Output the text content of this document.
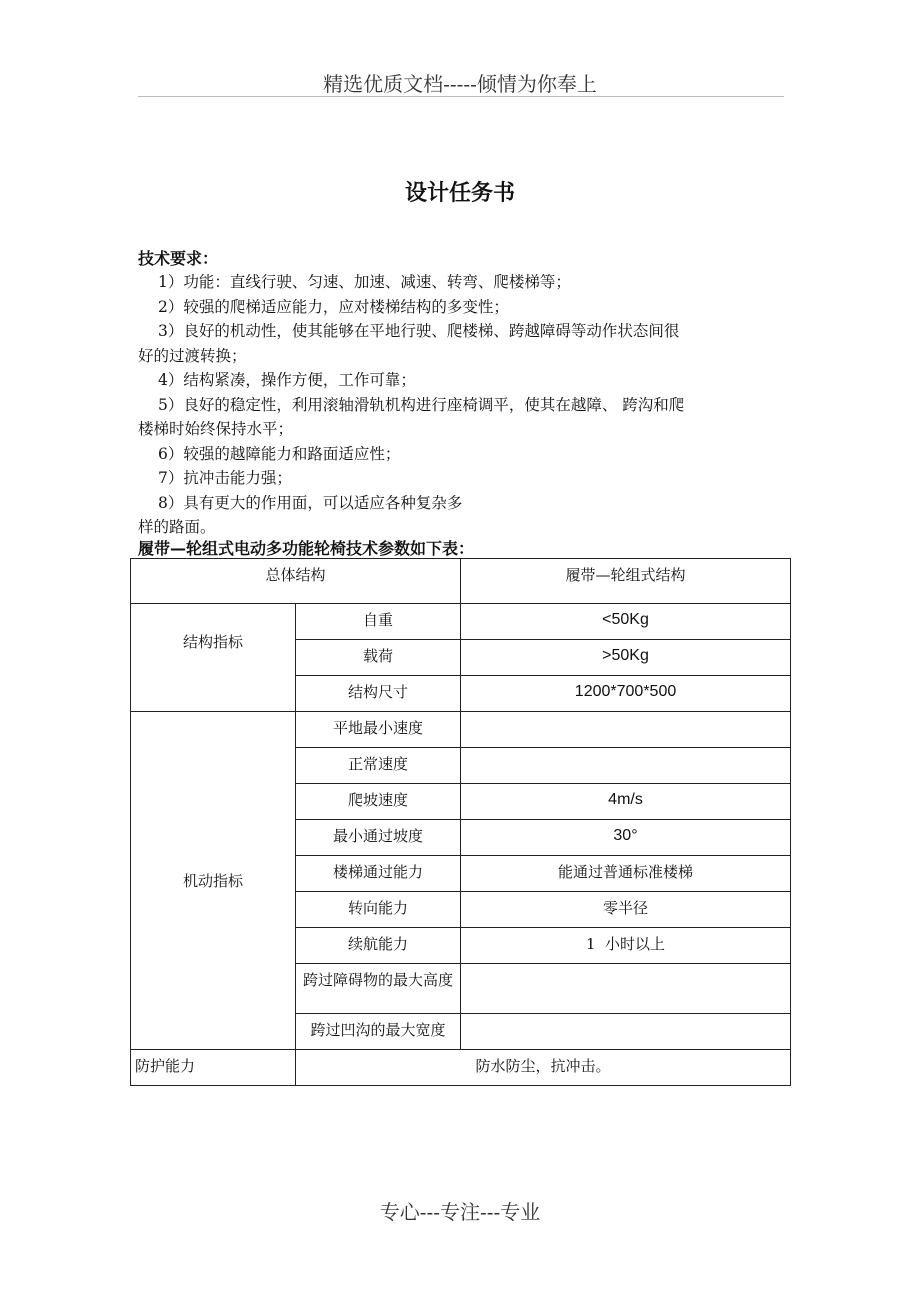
精选优质文档-----倾情为你奉上
设计任务书
技术要求：
1）功能：直线行驶、匀速、加速、减速、转弯、爬楼梯等；
2）较强的爬梯适应能力，应对楼梯结构的多变性；
3）良好的机动性，使其能够在平地行驶、爬楼梯、跨越障碍等动作状态间很
好的过渡转换；
4）结构紧凑，操作方便，工作可靠；
5）良好的稳定性，利用滚轴滑轨机构进行座椅调平，使其在越障、 跨沟和爬
楼梯时始终保持水平；
6）较强的越障能力和路面适应性；
7）抗冲击能力强；
8）具有更大的作用面，可以适应各种复杂多
样的路面。
履带—轮组式电动多功能轮椅技术参数如下表：
总体结构		履带—轮组式结构
结构指标	自重	<50Kg
	载荷	>50Kg
	结构尺寸	1200*700*500
机动指标	平地最小速度	
	正常速度	
	爬坡速度	4m/s
	最小通过坡度	30°
	楼梯通过能力	能通过普通标准楼梯
	转向能力	零半径
	续航能力	1  小时以上
	跨过障碍物的最大高度	
	跨过凹沟的最大宽度	
防护能力	防水防尘，抗冲击。	
专心---专注---专业
